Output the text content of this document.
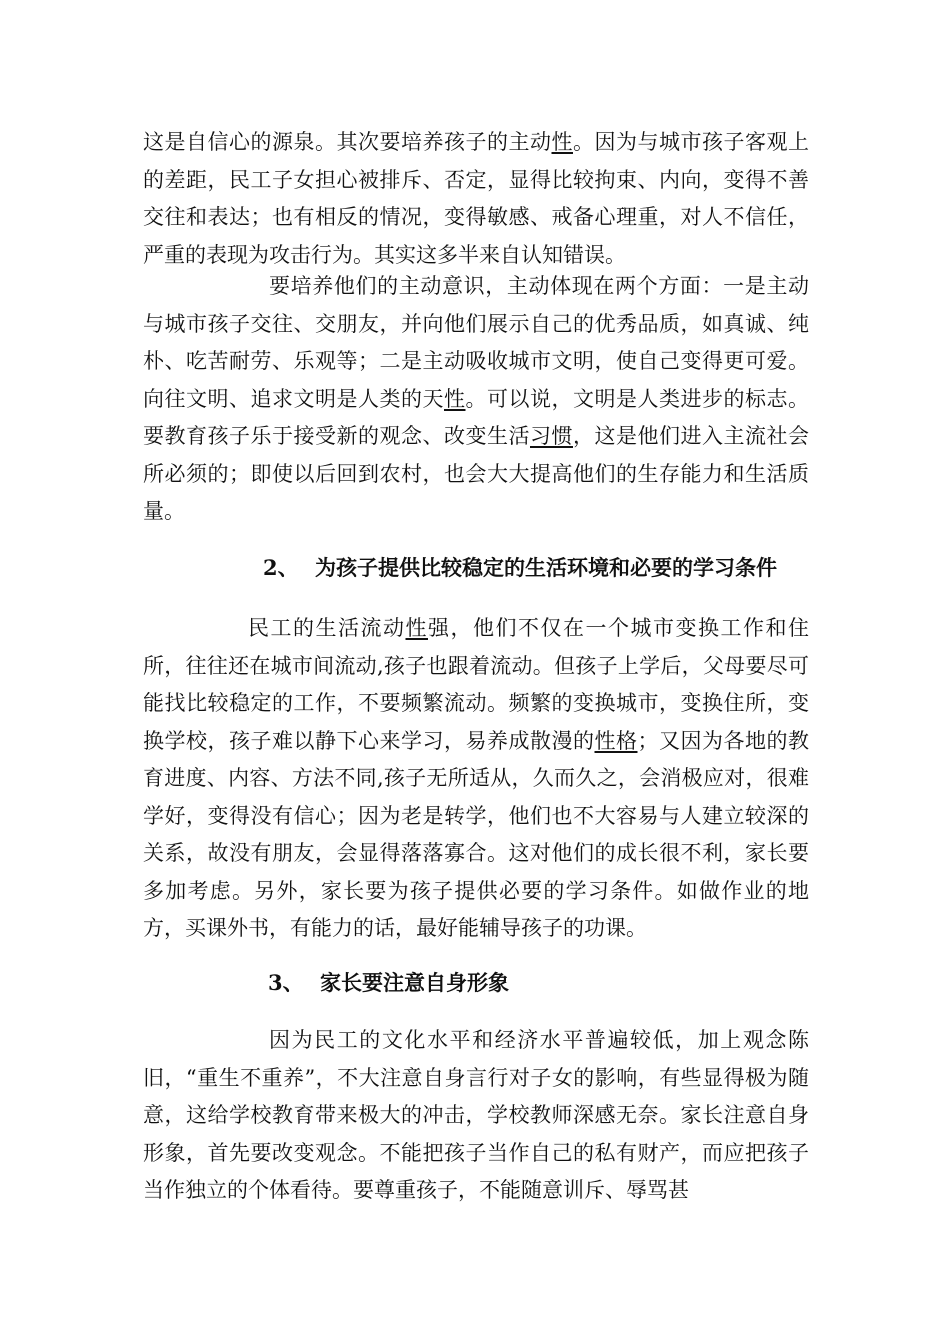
这是自信心的源泉。其次要培养孩子的主动性。因为与城市孩子客观上的差距，民工子女担心被排斥、否定，显得比较拘束、内向，变得不善交往和表达；也有相反的情况，变得敏感、戒备心理重，对人不信任，严重的表现为攻击行为。其实这多半来自认知错误。

要培养他们的主动意识，主动体现在两个方面：一是主动与城市孩子交往、交朋友，并向他们展示自己的优秀品质，如真诚、纯朴、吃苦耐劳、乐观等；二是主动吸收城市文明，使自己变得更可爱。向往文明、追求文明是人类的天性。可以说，文明是人类进步的标志。要教育孩子乐于接受新的观念、改变生活习惯，这是他们进入主流社会所必须的；即使以后回到农村，也会大大提高他们的生存能力和生活质量。

2、 为孩子提供比较稳定的生活环境和必要的学习条件

民工的生活流动性强，他们不仅在一个城市变换工作和住所，往往还在城市间流动,孩子也跟着流动。但孩子上学后，父母要尽可能找比较稳定的工作，不要频繁流动。频繁的变换城市，变换住所，变换学校，孩子难以静下心来学习，易养成散漫的性格；又因为各地的教育进度、内容、方法不同,孩子无所适从，久而久之，会消极应对，很难学好，变得没有信心；因为老是转学，他们也不大容易与人建立较深的关系，故没有朋友，会显得落落寡合。这对他们的成长很不利，家长要多加考虑。另外，家长要为孩子提供必要的学习条件。如做作业的地方，买课外书，有能力的话，最好能辅导孩子的功课。

3、 家长要注意自身形象

因为民工的文化水平和经济水平普遍较低，加上观念陈旧，“重生不重养”，不大注意自身言行对子女的影响，有些显得极为随意，这给学校教育带来极大的冲击，学校教师深感无奈。家长注意自身形象，首先要改变观念。不能把孩子当作自己的私有财产，而应把孩子当作独立的个体看待。要尊重孩子，不能随意训斥、辱骂甚
